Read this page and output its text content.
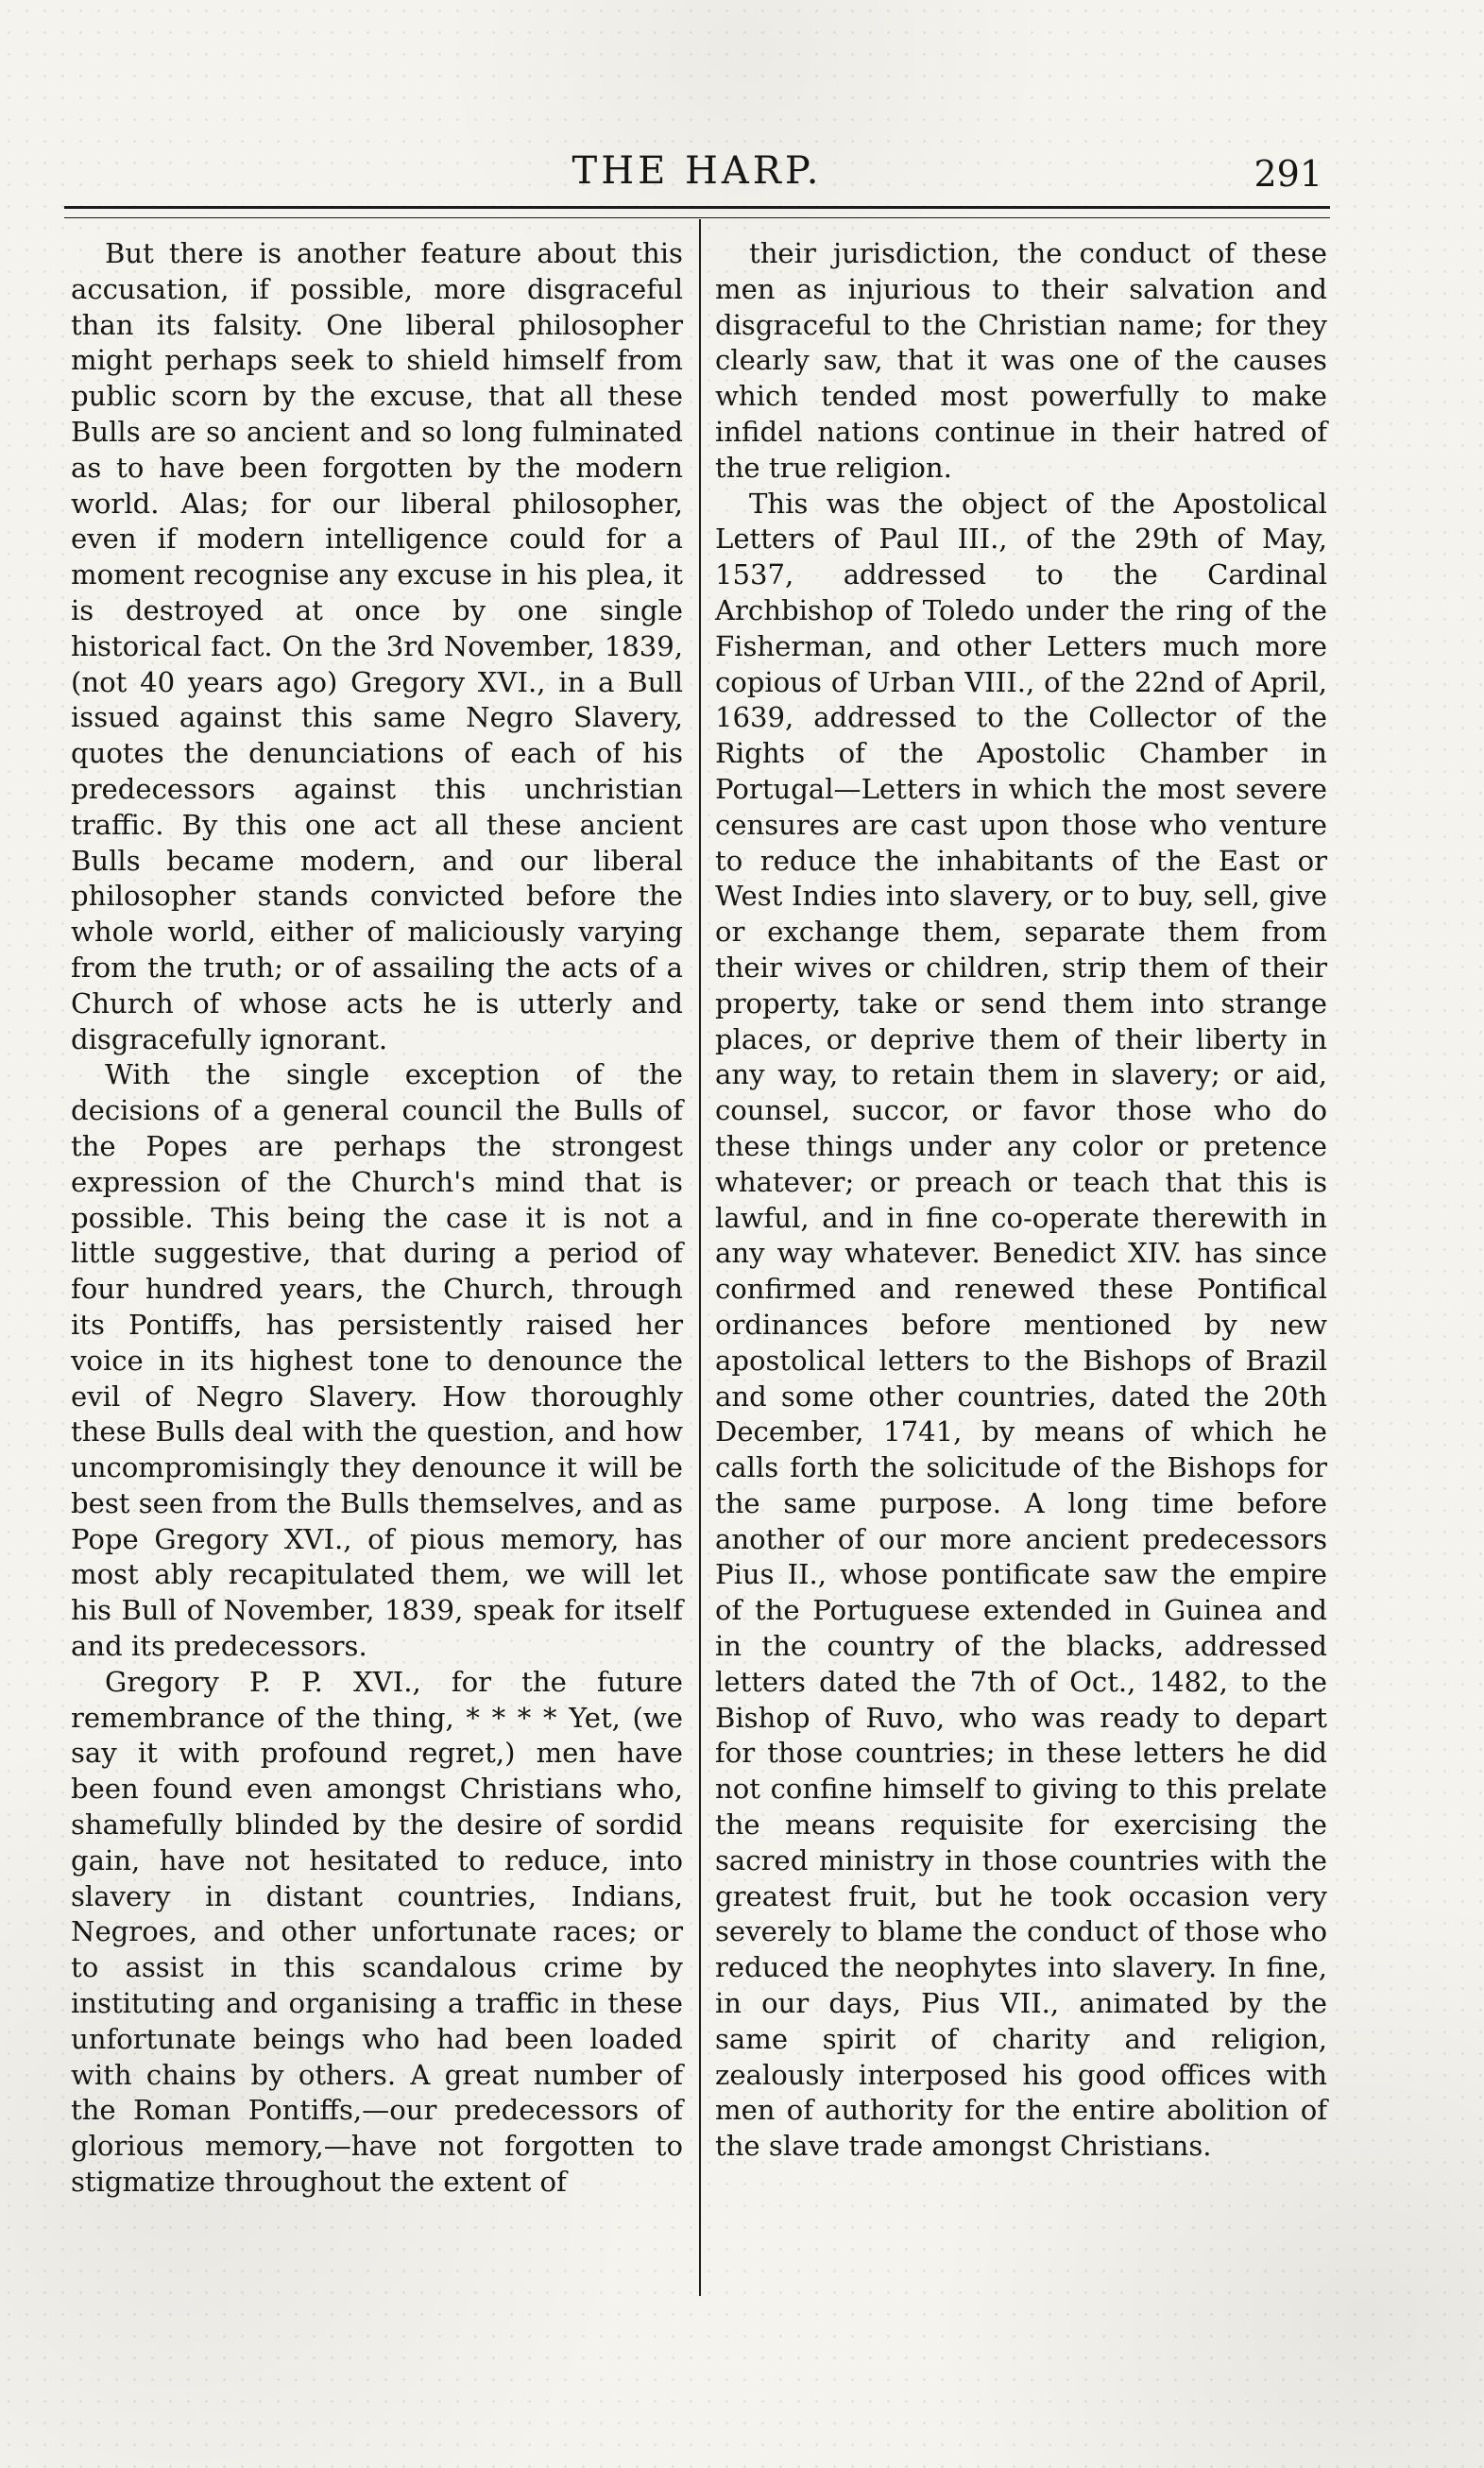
THE HARP.	291

But there is another feature about this accusation, if possible, more disgraceful than its falsity. One liberal philosopher might perhaps seek to shield himself from public scorn by the excuse, that all these Bulls are so ancient and so long fulminated as to have been forgotten by the modern world. Alas; for our liberal philosopher, even if modern intelligence could for a moment recognise any excuse in his plea, it is destroyed at once by one single historical fact. On the 3rd November, 1839, (not 40 years ago) Gregory XVI., in a Bull issued against this same Negro Slavery, quotes the denunciations of each of his predecessors against this unchristian traffic. By this one act all these ancient Bulls became modern, and our liberal philosopher stands convicted before the whole world, either of maliciously varying from the truth; or of assailing the acts of a Church of whose acts he is utterly and disgracefully ignorant.

With the single exception of the decisions of a general council the Bulls of the Popes are perhaps the strongest expression of the Church's mind that is possible. This being the case it is not a little suggestive, that during a period of four hundred years, the Church, through its Pontiffs, has persistently raised her voice in its highest tone to denounce the evil of Negro Slavery. How thoroughly these Bulls deal with the question, and how uncompromisingly they denounce it will be best seen from the Bulls themselves, and as Pope Gregory XVI., of pious memory, has most ably recapitulated them, we will let his Bull of November, 1839, speak for itself and its predecessors.

Gregory P. P. XVI., for the future remembrance of the thing, * * * * Yet, (we say it with profound regret,) men have been found even amongst Christians who, shamefully blinded by the desire of sordid gain, have not hesitated to reduce, into slavery in distant countries, Indians, Negroes, and other unfortunate races; or to assist in this scandalous crime by instituting and organising a traffic in these unfortunate beings who had been loaded with chains by others. A great number of the Roman Pontiffs,—our predecessors of glorious memory,—have not forgotten to stigmatize throughout the extent of

their jurisdiction, the conduct of these men as injurious to their salvation and disgraceful to the Christian name; for they clearly saw, that it was one of the causes which tended most powerfully to make infidel nations continue in their hatred of the true religion.

This was the object of the Apostolical Letters of Paul III., of the 29th of May, 1537, addressed to the Cardinal Archbishop of Toledo under the ring of the Fisherman, and other Letters much more copious of Urban VIII., of the 22nd of April, 1639, addressed to the Collector of the Rights of the Apostolic Chamber in Portugal—Letters in which the most severe censures are cast upon those who venture to reduce the inhabitants of the East or West Indies into slavery, or to buy, sell, give or exchange them, separate them from their wives or children, strip them of their property, take or send them into strange places, or deprive them of their liberty in any way, to retain them in slavery; or aid, counsel, succor, or favor those who do these things under any color or pretence whatever; or preach or teach that this is lawful, and in fine co-operate therewith in any way whatever. Benedict XIV. has since confirmed and renewed these Pontifical ordinances before mentioned by new apostolical letters to the Bishops of Brazil and some other countries, dated the 20th December, 1741, by means of which he calls forth the solicitude of the Bishops for the same purpose. A long time before another of our more ancient predecessors Pius II., whose pontificate saw the empire of the Portuguese extended in Guinea and in the country of the blacks, addressed letters dated the 7th of Oct., 1482, to the Bishop of Ruvo, who was ready to depart for those countries; in these letters he did not confine himself to giving to this prelate the means requisite for exercising the sacred ministry in those countries with the greatest fruit, but he took occasion very severely to blame the conduct of those who reduced the neophytes into slavery. In fine, in our days, Pius VII., animated by the same spirit of charity and religion, zealously interposed his good offices with men of authority for the entire abolition of the slave trade amongst Christians.
